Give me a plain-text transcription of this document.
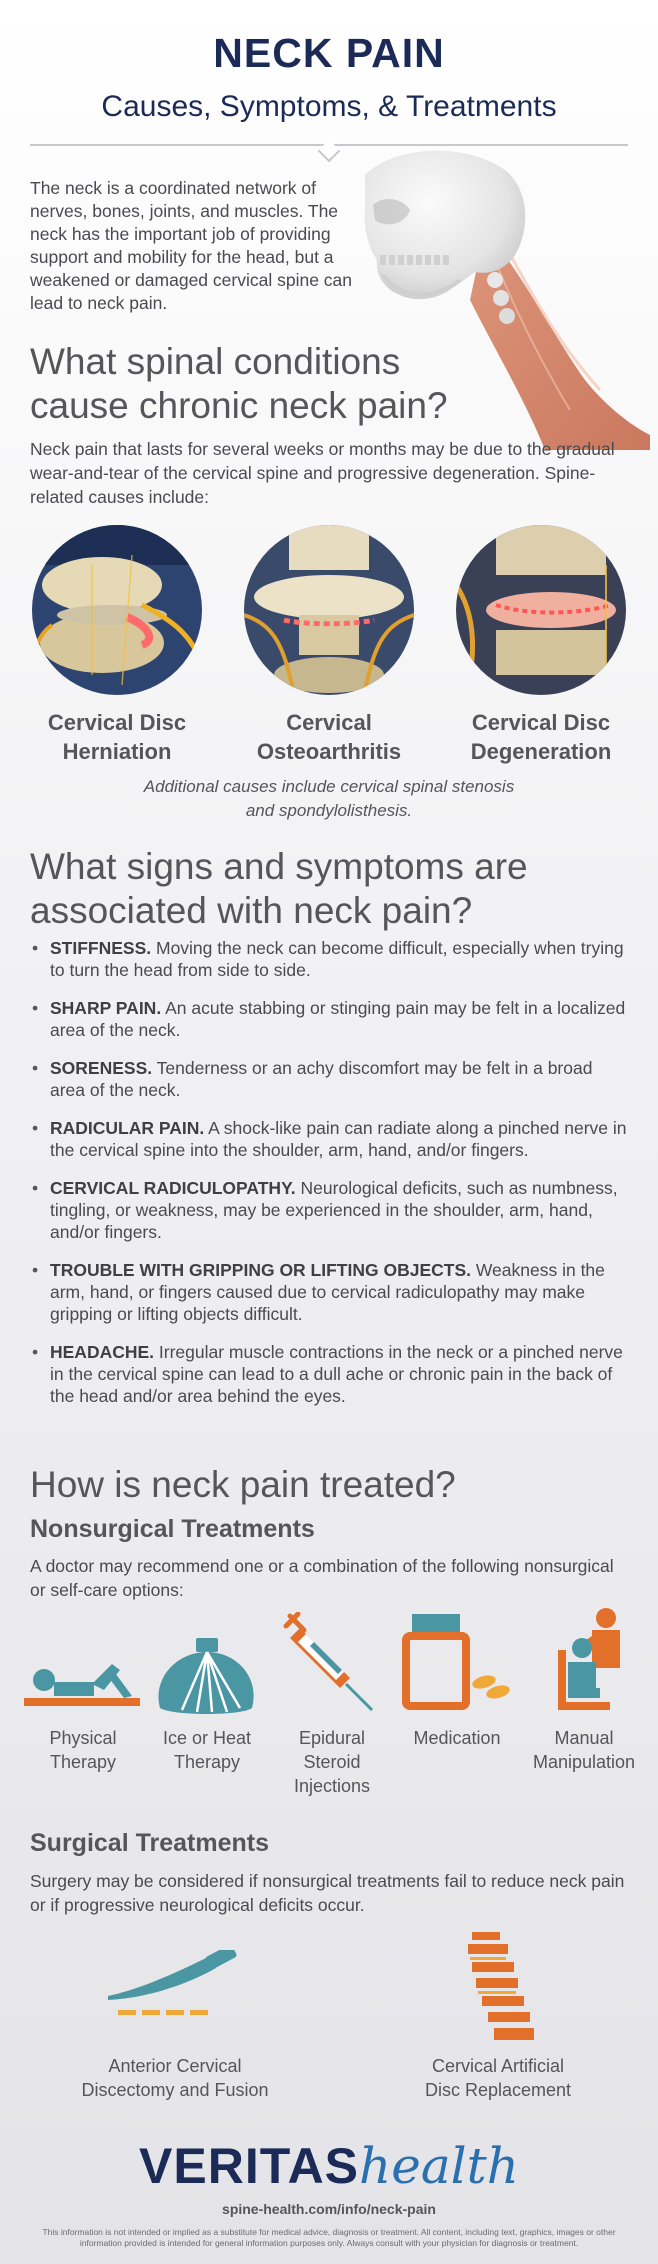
NECK PAIN
Causes, Symptoms, & Treatments
The neck is a coordinated network of nerves, bones, joints, and muscles. The neck has the important job of providing support and mobility for the head, but a weakened or damaged cervical spine can lead to neck pain.
What spinal conditions
cause chronic neck pain?
Neck pain that lasts for several weeks or months may be due to the gradual wear-and-tear of the cervical spine and progressive degeneration. Spine-related causes include:
Cervical Disc
Herniation
Cervical
Osteoarthritis
Cervical Disc
Degeneration
Additional causes include cervical spinal stenosis
and spondylolisthesis.
What signs and symptoms are
associated with neck pain?
• STIFFNESS. Moving the neck can become difficult, especially when trying to turn the head from side to side.
• SHARP PAIN. An acute stabbing or stinging pain may be felt in a localized area of the neck.
• SORENESS. Tenderness or an achy discomfort may be felt in a broad area of the neck.
• RADICULAR PAIN. A shock-like pain can radiate along a pinched nerve in the cervical spine into the shoulder, arm, hand, and/or fingers.
• CERVICAL RADICULOPATHY. Neurological deficits, such as numbness, tingling, or weakness, may be experienced in the shoulder, arm, hand, and/or fingers.
• TROUBLE WITH GRIPPING OR LIFTING OBJECTS. Weakness in the arm, hand, or fingers caused due to cervical radiculopathy may make gripping or lifting objects difficult.
• HEADACHE. Irregular muscle contractions in the neck or a pinched nerve in the cervical spine can lead to a dull ache or chronic pain in the back of the head and/or area behind the eyes.
How is neck pain treated?
Nonsurgical Treatments
A doctor may recommend one or a combination of the following nonsurgical or self-care options:
Physical
Therapy
Ice or Heat
Therapy
Epidural
Steroid
Injections
Medication	Manual
Manipulation
Surgical Treatments
Surgery may be considered if nonsurgical treatments fail to reduce neck pain or if progressive neurological deficits occur.
Anterior Cervical
Discectomy and Fusion
Cervical Artificial
Disc Replacement
VERITAShealth
spine-health.com/info/neck-pain
This information is not intended or implied as a substitute for medical advice, diagnosis or treatment. All content, including text, graphics, images or other information provided is intended for general information purposes only. Always consult with your physician for diagnosis or treatment.
